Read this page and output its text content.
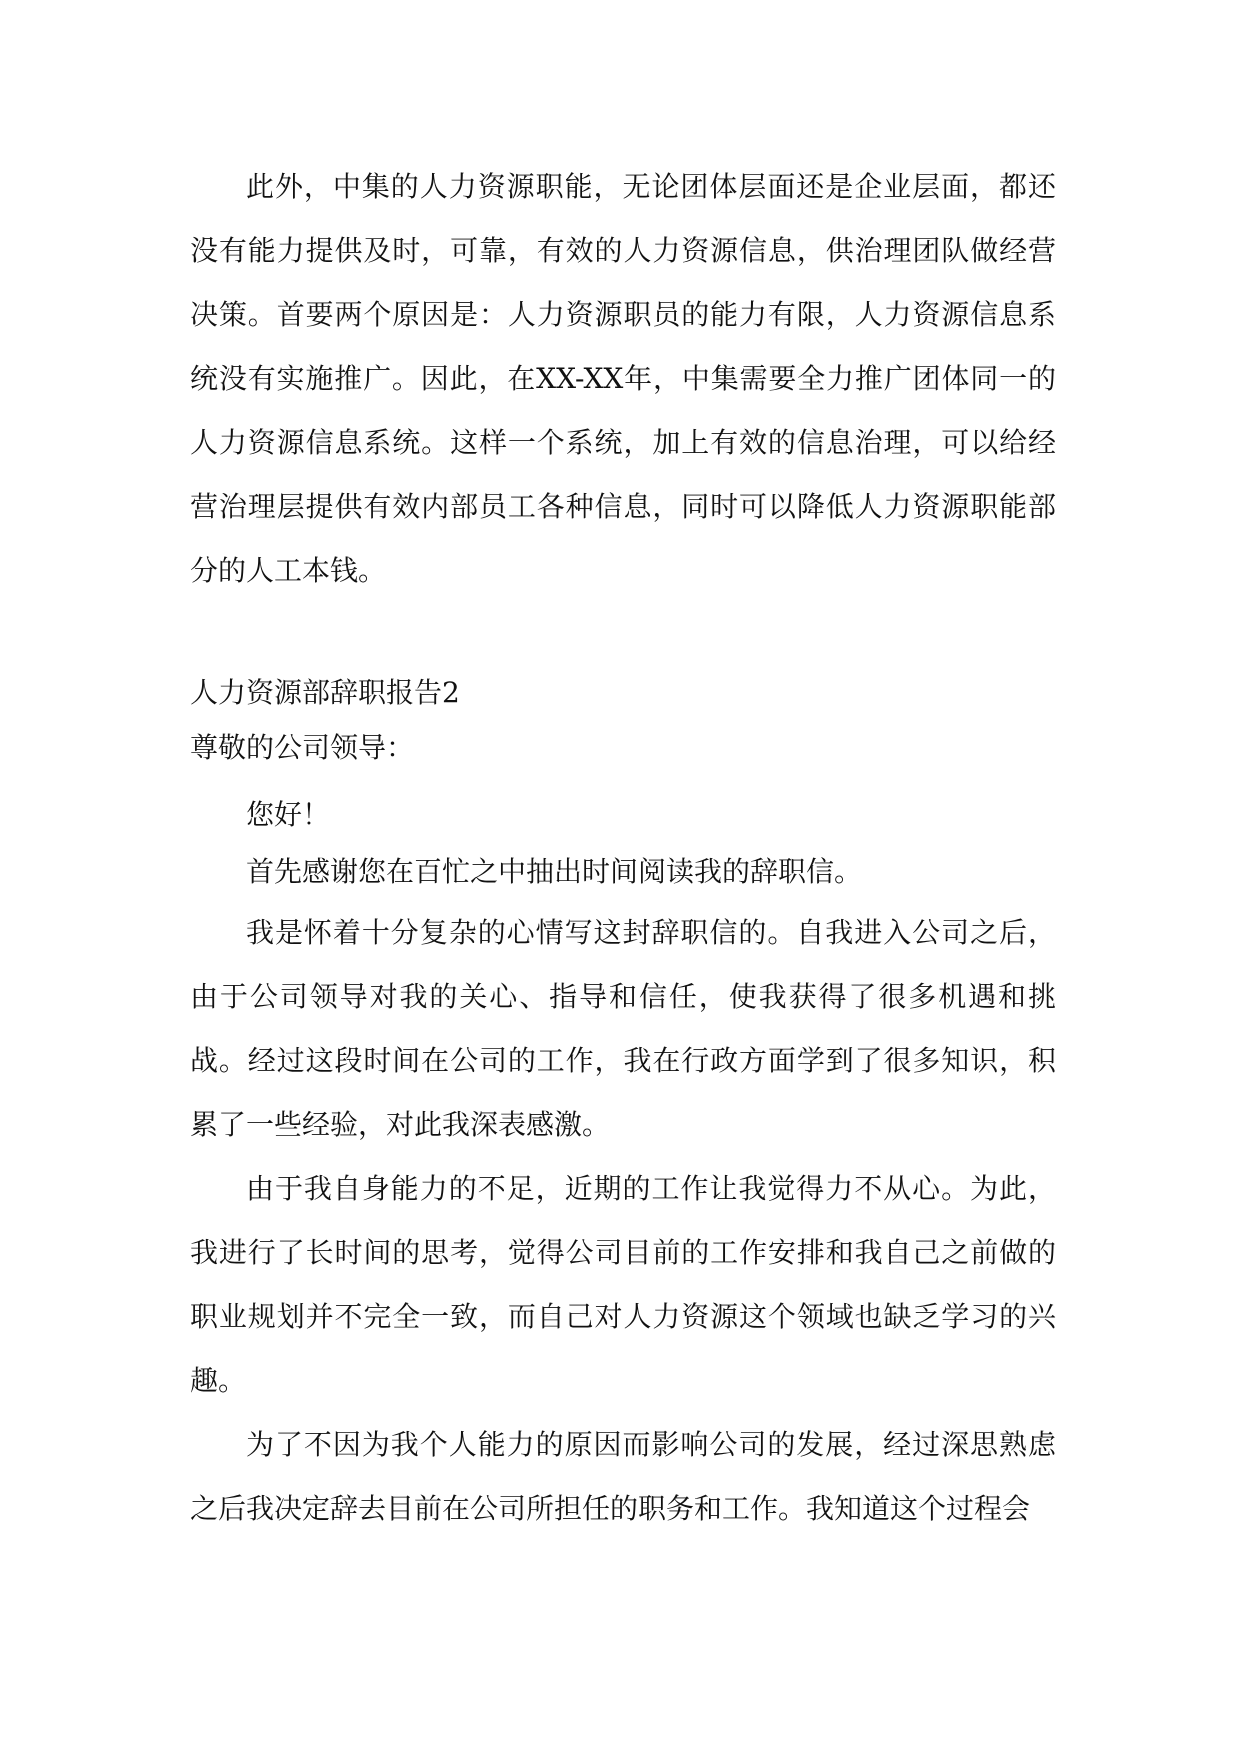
此外，中集的人力资源职能，无论团体层面还是企业层面，都还没有能力提供及时，可靠，有效的人力资源信息，供治理团队做经营决策。首要两个原因是：人力资源职员的能力有限，人力资源信息系统没有实施推广。因此，在XX-XX年，中集需要全力推广团体同一的人力资源信息系统。这样一个系统，加上有效的信息治理，可以给经营治理层提供有效内部员工各种信息，同时可以降低人力资源职能部分的人工本钱。

人力资源部辞职报告2

尊敬的公司领导：

您好！

首先感谢您在百忙之中抽出时间阅读我的辞职信。

我是怀着十分复杂的心情写这封辞职信的。自我进入公司之后，由于公司领导对我的关心、指导和信任，使我获得了很多机遇和挑战。经过这段时间在公司的工作，我在行政方面学到了很多知识，积累了一些经验，对此我深表感激。

由于我自身能力的不足，近期的工作让我觉得力不从心。为此，我进行了长时间的思考，觉得公司目前的工作安排和我自己之前做的职业规划并不完全一致，而自己对人力资源这个领域也缺乏学习的兴趣。

为了不因为我个人能力的原因而影响公司的发展，经过深思熟虑之后我决定辞去目前在公司所担任的职务和工作。我知道这个过程会
